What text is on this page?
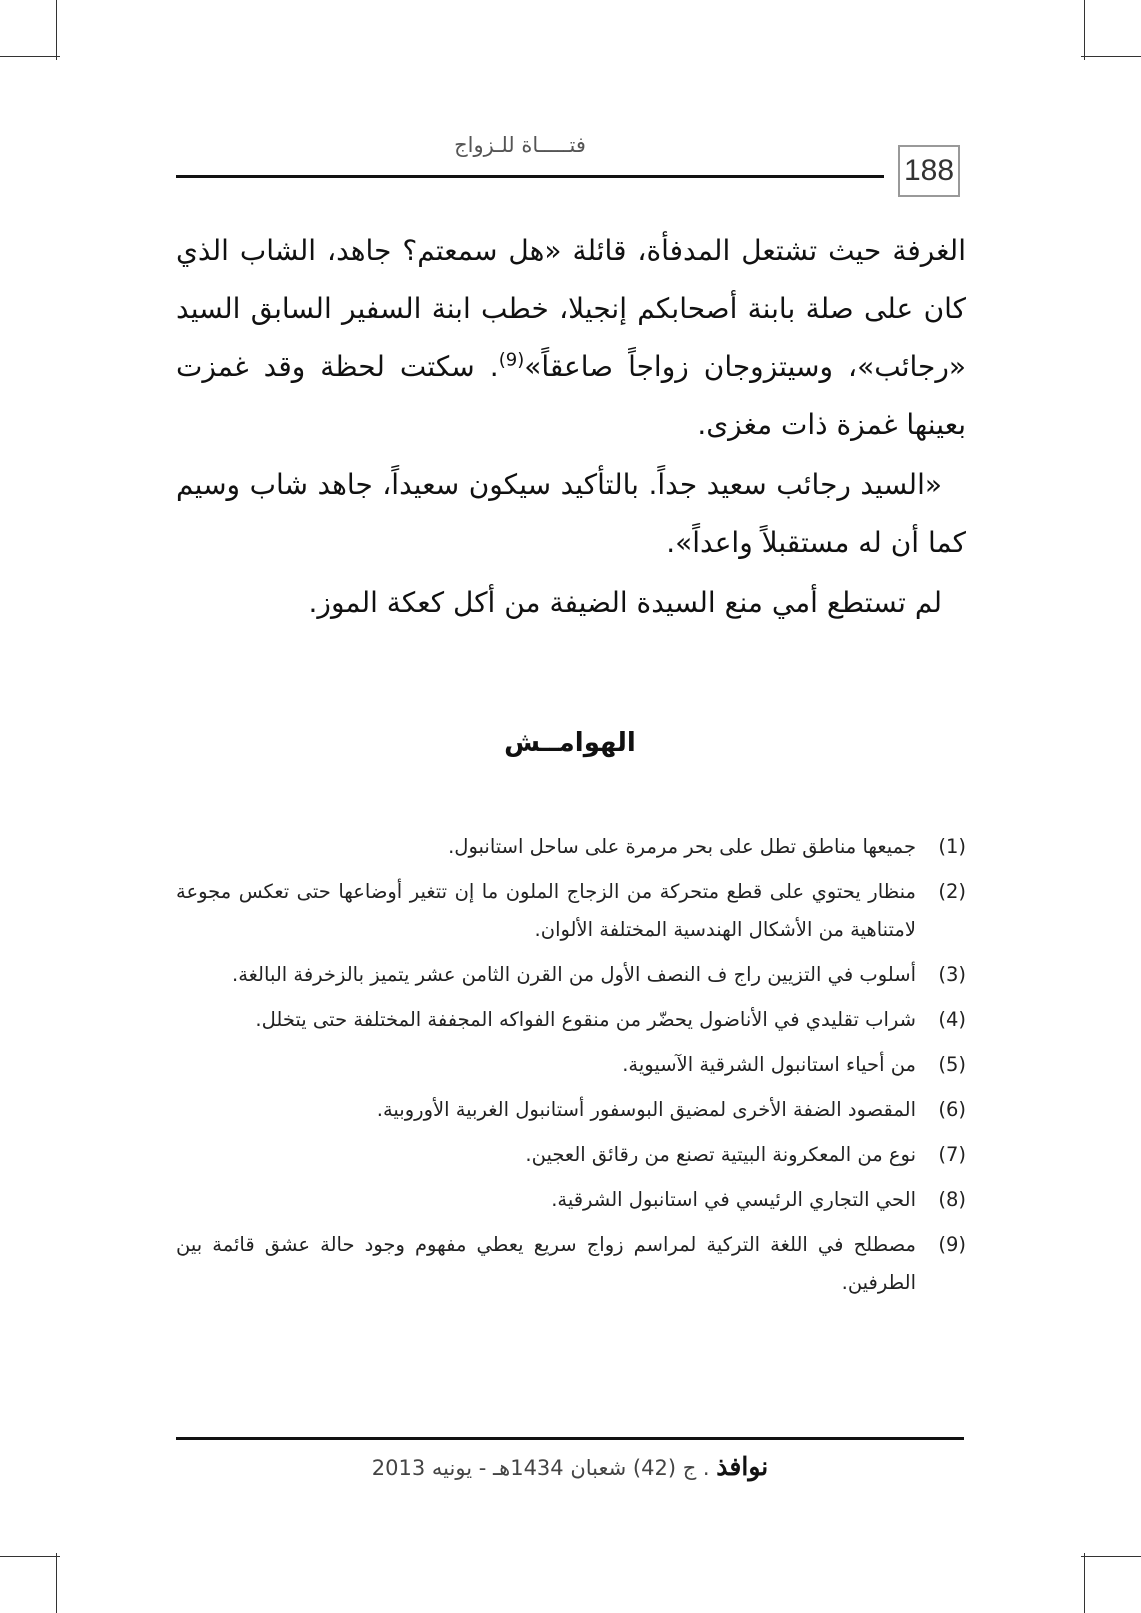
فتـــــاة للـزواج
188

الغرفة حيث تشتعل المدفأة، قائلة «هل سمعتم؟ جاهد، الشاب الذي كان على صلة بابنة أصحابكم إنجيلا، خطب ابنة السفير السابق السيد «رجائب»، وسيتزوجان زواجاً صاعقاً»$^{(9)}$. سكتت لحظة وقد غمزت بعينها غمزة ذات مغزى.

«السيد رجائب سعيد جداً. بالتأكيد سيكون سعيداً، جاهد شاب وسيم كما أن له مستقبلاً واعداً».

لم تستطع أمي منع السيدة الضيفة من أكل كعكة الموز.

الهوامــش
(1)
جميعها مناطق تطل على بحر مرمرة على ساحل استانبول.
(2)
منظار يحتوي على قطع متحركة من الزجاج الملون ما إن تتغير أوضاعها حتى تعكس مجوعة لامتناهية من الأشكال الهندسية المختلفة الألوان.
(3)
أسلوب في التزيين راج ف النصف الأول من القرن الثامن عشر يتميز بالزخرفة البالغة.
(4)
شراب تقليدي في الأناضول يحضّر من منقوع الفواكه المجففة المختلفة حتى يتخلل.
(5)
من أحياء استانبول الشرقية الآسيوية.
(6)
المقصود الضفة الأخرى لمضيق البوسفور أستانبول الغربية الأوروبية.
(7)
نوع من المعكرونة البيتية تصنع من رقائق العجين.
(8)
الحي التجاري الرئيسي في استانبول الشرقية.
(9)
مصطلح في اللغة التركية لمراسم زواج سريع يعطي مفهوم وجود حالة عشق قائمة بين الطرفين.
نوافذ . ج (42) شعبان 1434هـ - يونيه 2013
